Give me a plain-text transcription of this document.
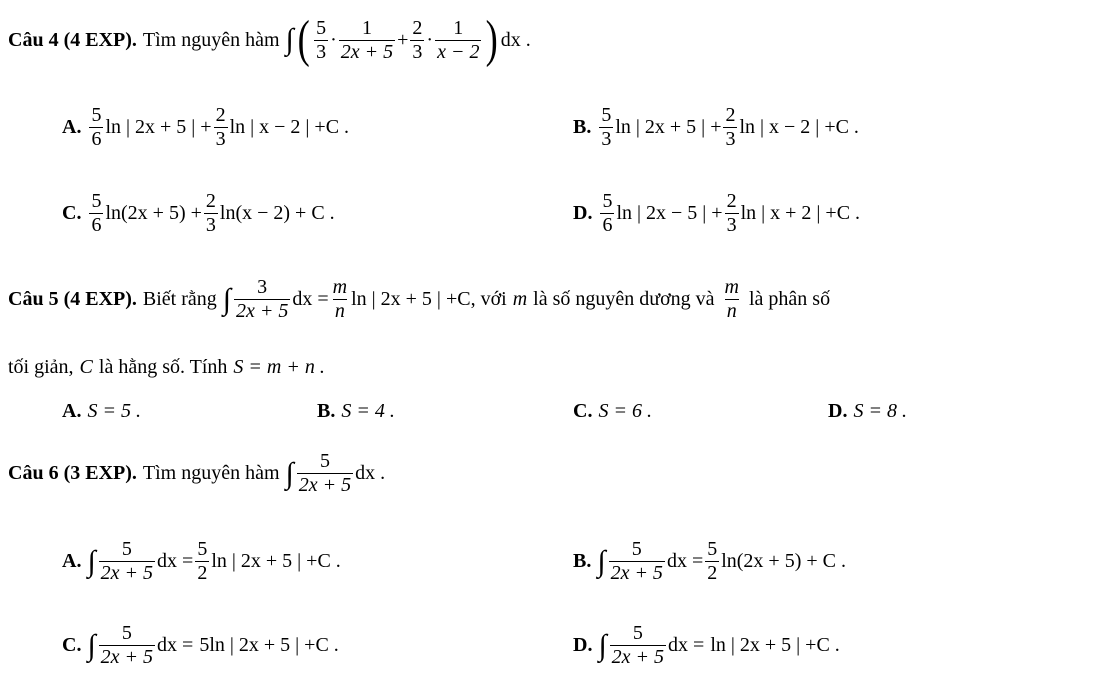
Câu 4 (4 EXP). Tìm nguyên hàm ∫ ( $\frac{5}{3} \cdot \frac{1}{2x + 5} + \frac{2}{3} \cdot \frac{1}{x - 2}$ ) dx .
A. $\frac{5}{6}$ ln | 2x + 5 | + $\frac{2}{3}$ ln | x − 2 | +C .	B. $\frac{5}{3}$ ln | 2x + 5 | + $\frac{2}{3}$ ln | x − 2 | +C .
C. $\frac{5}{6} \ln(2x + 5) + \frac{2}{3} \ln(x - 2) + C$ .	D. $\frac{5}{6}$ ln | 2x − 5 | + $\frac{2}{3}$ ln | x + 2 | +C .
Câu 5 (4 EXP). Biết rằng ∫ $\frac{3}{2x + 5}$ dx = $\frac{m}{n}$ ln | 2x + 5 | +C , với m là số nguyên dương và $\frac{m}{n}$ là phân số
tối giản, C là hằng số. Tính S = m + n .
A. S = 5 .	B. S = 4 .	C. S = 6 .	D. S = 8 .
Câu 6 (3 EXP). Tìm nguyên hàm ∫ $\frac{5}{2x + 5}$ dx .
A. ∫ $\frac{5}{2x + 5}$ dx = $\frac{5}{2}$ ln | 2x + 5 | +C .	B. ∫ $\frac{5}{2x + 5}$ dx = $\frac{5}{2} \ln(2x + 5) + C$ .
C. ∫ $\frac{5}{2x + 5}$ dx = 5ln | 2x + 5 | +C .	D. ∫ $\frac{5}{2x + 5}$ dx = ln | 2x + 5 | +C .
